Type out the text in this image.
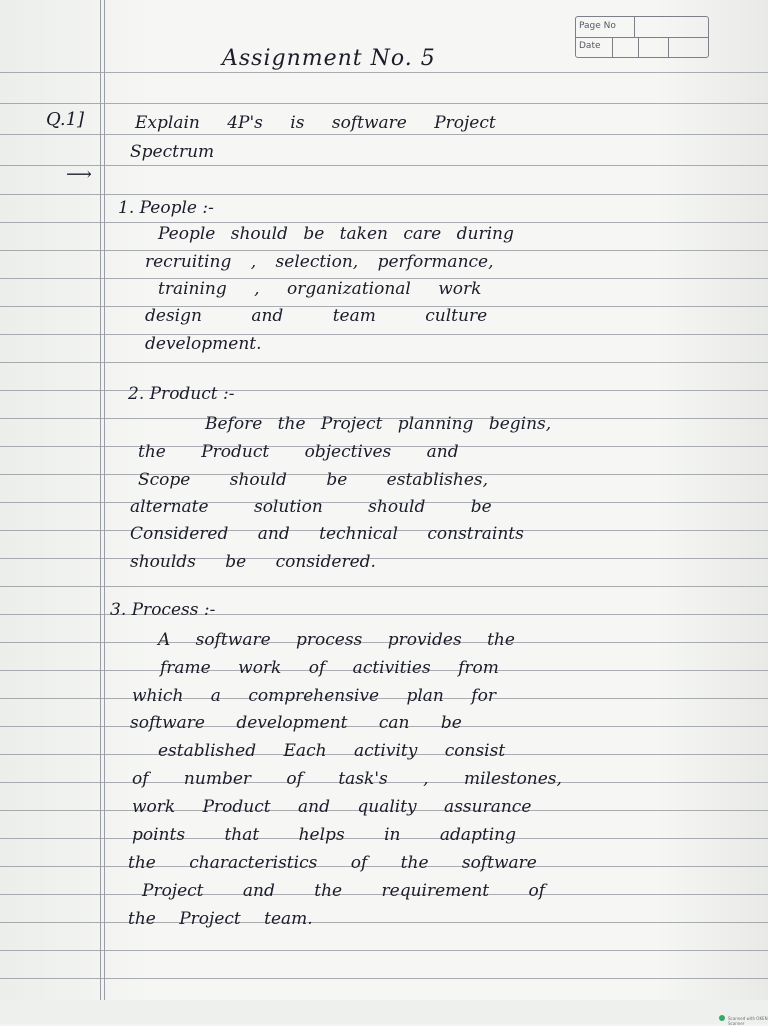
Page No
Date
Assignment No. 5
Q.1]	Explain 4P's is software Project
Spectrum
⟶
1. People :-
People should be taken care during
recruiting , selection, performance,
training , organizational work
design and team culture
development.
2. Product :-
Before the Project planning begins,
the Product objectives and
Scope should be establishes,
alternate solution should be
Considered and technical constraints
shoulds be considered.
3. Process :-
A software process provides the
frame work of activities from
which a comprehensive plan for
software development can be
established Each activity consist
of number of task's , milestones,
work Product and quality assurance
points that helps in adapting
the characteristics of the software
Project and the requirement of
the Project team.
Scanned with OKEN Scanner
